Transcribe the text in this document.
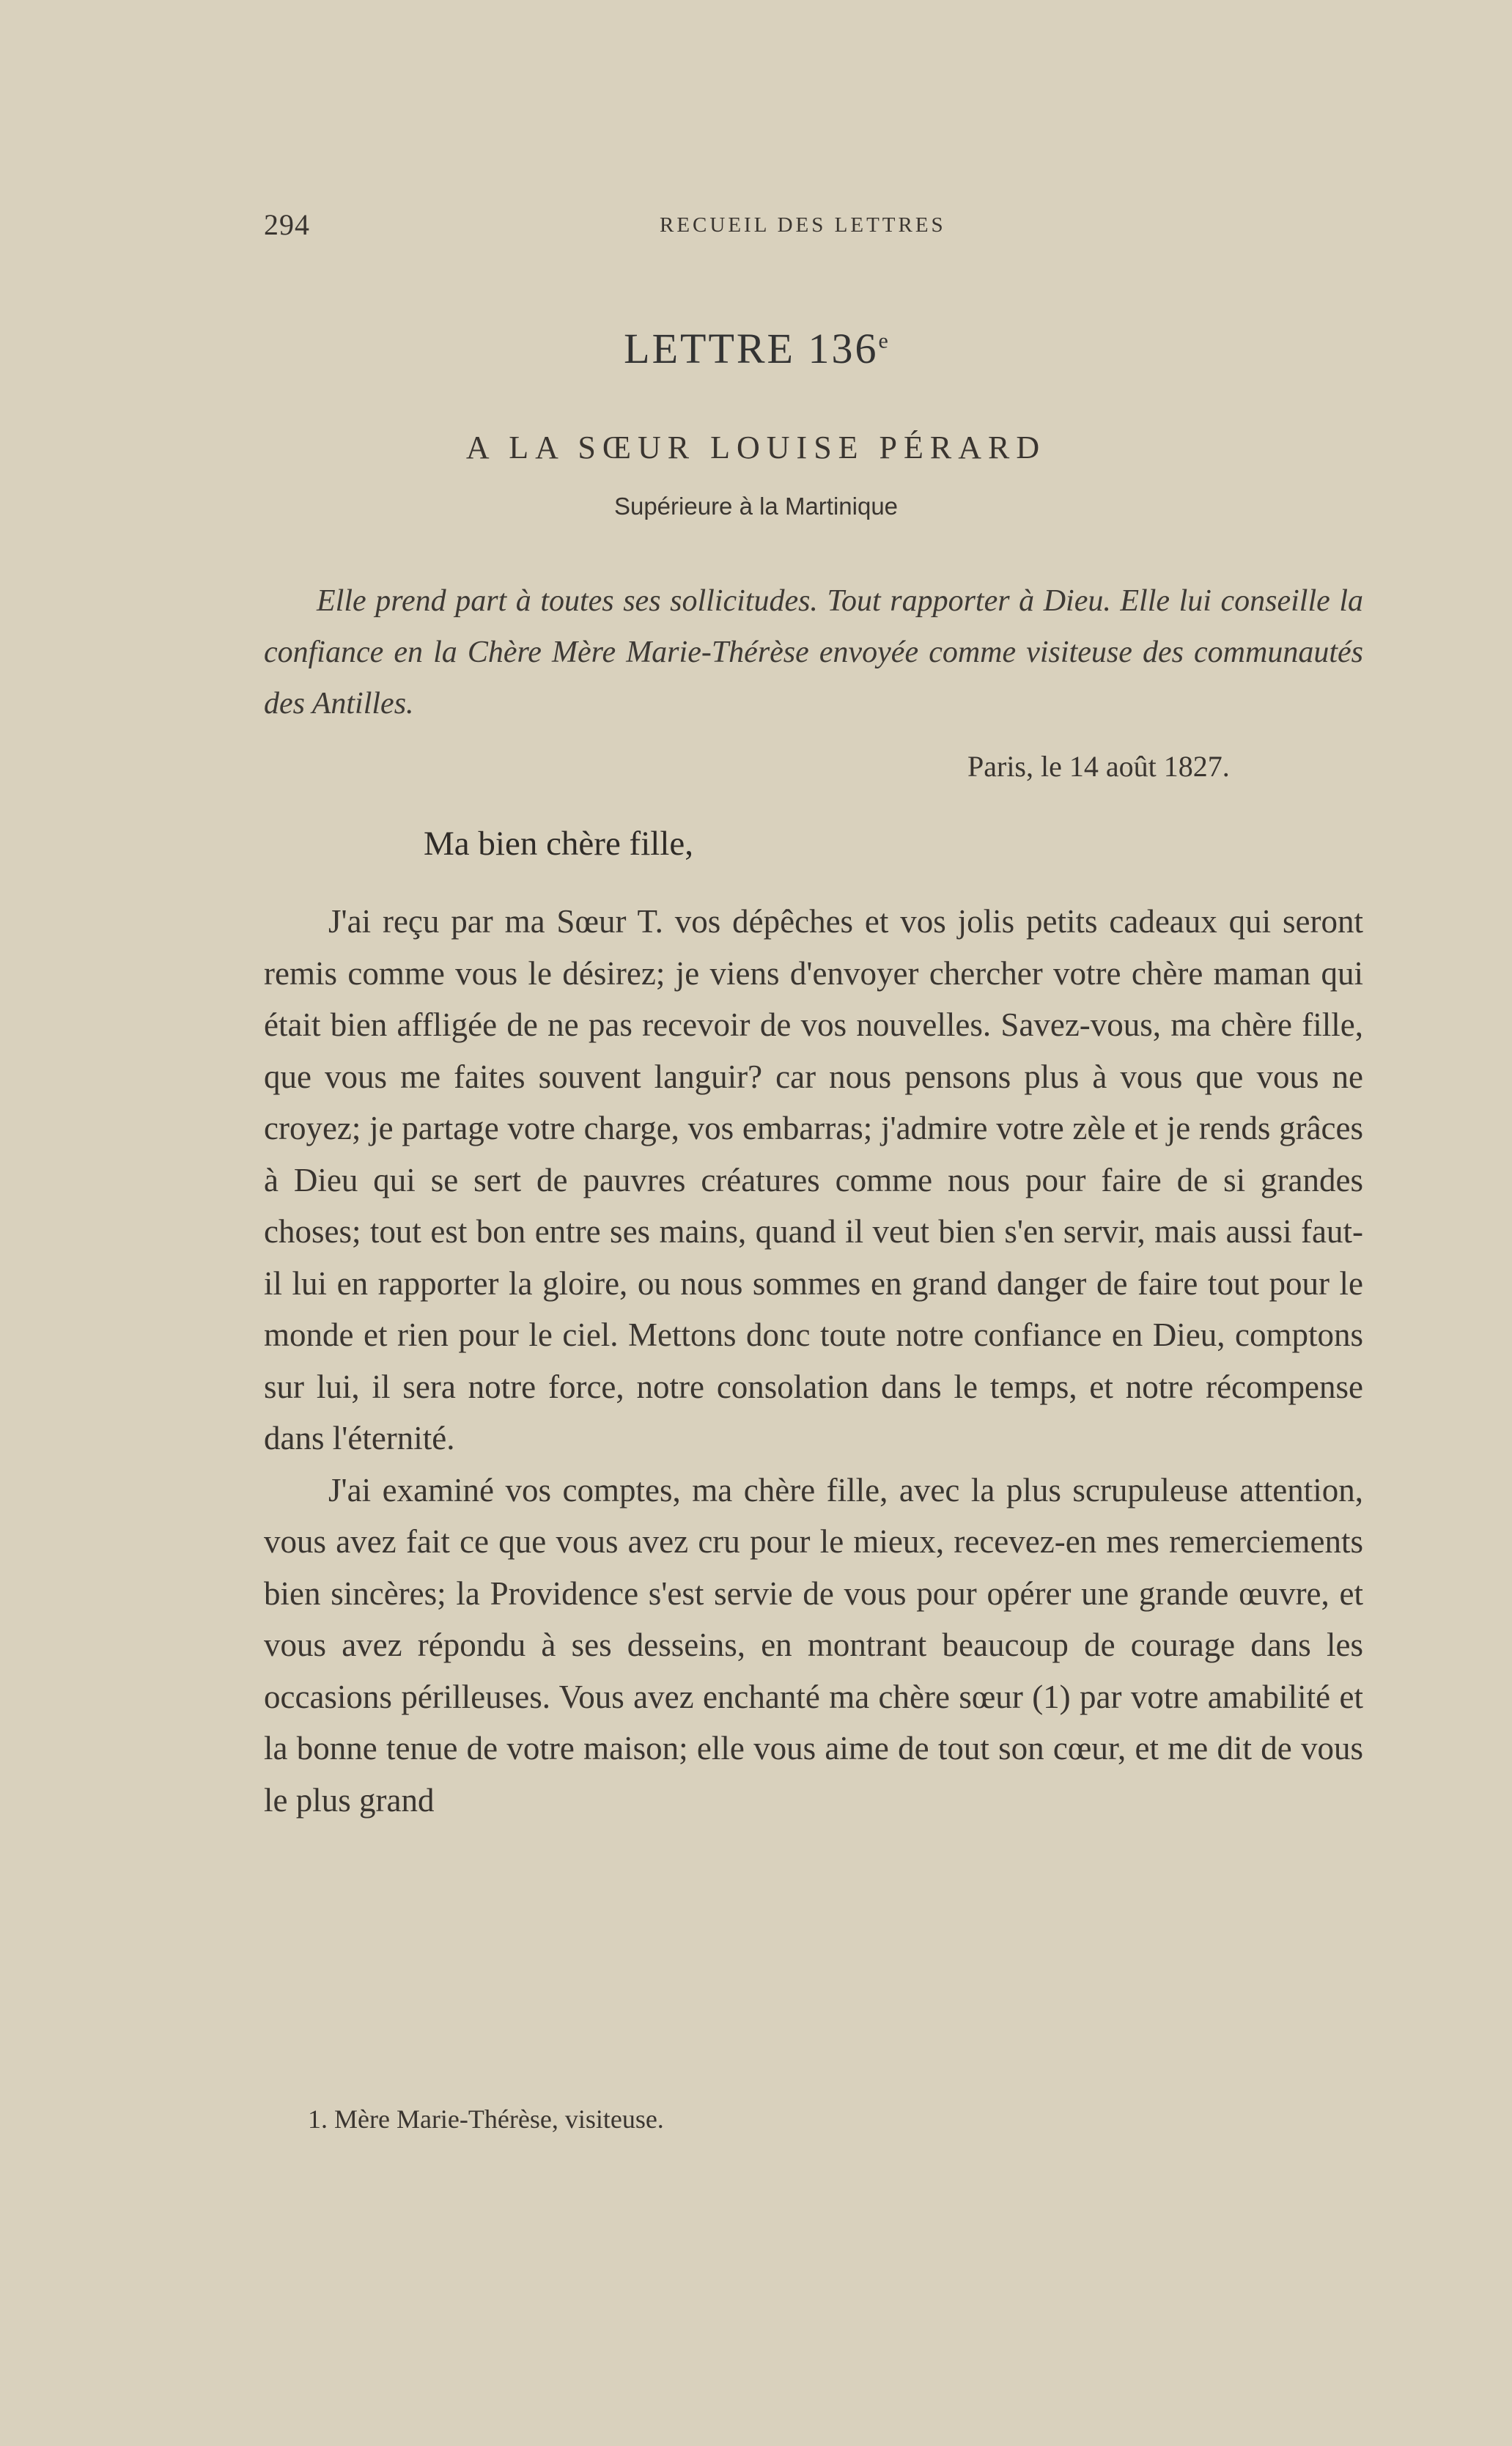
294	RECUEIL DES LETTRES
LETTRE 136e
A LA SŒUR LOUISE PÉRARD
Supérieure à la Martinique
Elle prend part à toutes ses sollicitudes. Tout rapporter à Dieu. Elle lui conseille la confiance en la Chère Mère Marie-Thérèse envoyée comme visiteuse des communautés des Antilles.
Paris, le 14 août 1827.
Ma bien chère fille,

J'ai reçu par ma Sœur T. vos dépêches et vos jolis petits cadeaux qui seront remis comme vous le désirez; je viens d'envoyer chercher votre chère maman qui était bien affligée de ne pas recevoir de vos nouvelles. Savez-vous, ma chère fille, que vous me faites souvent languir? car nous pensons plus à vous que vous ne croyez; je partage votre charge, vos embarras; j'admire votre zèle et je rends grâces à Dieu qui se sert de pauvres créatures comme nous pour faire de si grandes choses; tout est bon entre ses mains, quand il veut bien s'en servir, mais aussi faut-il lui en rapporter la gloire, ou nous sommes en grand danger de faire tout pour le monde et rien pour le ciel. Mettons donc toute notre confiance en Dieu, comptons sur lui, il sera notre force, notre consolation dans le temps, et notre récompense dans l'éternité.

J'ai examiné vos comptes, ma chère fille, avec la plus scrupuleuse attention, vous avez fait ce que vous avez cru pour le mieux, recevez-en mes remerciements bien sincères; la Providence s'est servie de vous pour opérer une grande œuvre, et vous avez répondu à ses desseins, en montrant beaucoup de courage dans les occasions périlleuses. Vous avez enchanté ma chère sœur (1) par votre amabilité et la bonne tenue de votre maison; elle vous aime de tout son cœur, et me dit de vous le plus grand

1. Mère Marie-Thérèse, visiteuse.
